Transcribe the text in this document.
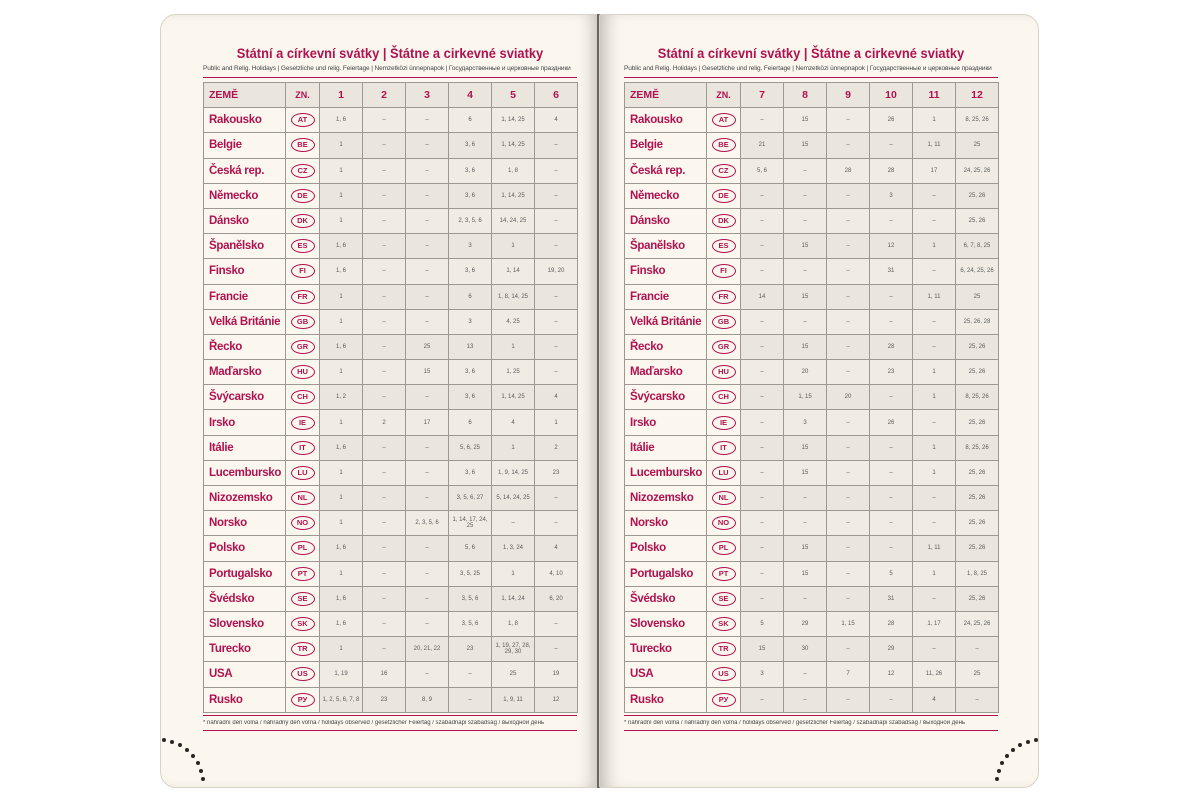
Státní a církevní svátky | Štátne a cirkevné sviatky
Public and Relig. Holidays | Gesetzliche und relig. Feiertage | Nemzetközi ünnepnapok | Государственные и церковные праздники
ZEMĚ	ZN.	1	2	3	4	5	6
Rakousko	AT	1, 6	–	–	6	1, 14, 25	4
Belgie	BE	1	–	–	3, 6	1, 14, 25	–
Česká rep.	CZ	1	–	–	3, 6	1, 8	–
Německo	DE	1	–	–	3, 6	1, 14, 25	–
Dánsko	DK	1	–	–	2, 3, 5, 6	14, 24, 25	–
Španělsko	ES	1, 6	–	–	3	1	–
Finsko	FI	1, 6	–	–	3, 6	1, 14	19, 20
Francie	FR	1	–	–	6	1, 8, 14, 25	–
Velká Británie	GB	1	–	–	3	4, 25	–
Řecko	GR	1, 6	–	25	13	1	–
Maďarsko	HU	1	–	15	3, 6	1, 25	–
Švýcarsko	CH	1, 2	–	–	3, 6	1, 14, 25	4
Irsko	IE	1	2	17	6	4	1
Itálie	IT	1, 6	–	–	5, 6, 25	1	2
Lucembursko	LU	1	–	–	3, 6	1, 9, 14, 25	23
Nizozemsko	NL	1	–	–	3, 5, 6, 27	5, 14, 24, 25	–
Norsko	NO	1	–	2, 3, 5, 6	1, 14, 17, 24, 25	–	–
Polsko	PL	1, 6	–	–	5, 6	1, 3, 24	4
Portugalsko	PT	1	–	–	3, 5, 25	1	4, 10
Švédsko	SE	1, 6	–	–	3, 5, 6	1, 14, 24	6, 20
Slovensko	SK	1, 6	–	–	3, 5, 6	1, 8	–
Turecko	TR	1	–	20, 21, 22	23	1, 19, 27, 28, 29, 30	–
USA	US	1, 19	16	–	–	25	19
Rusko	РУ	1, 2, 5, 6, 7, 8	23	8, 9	–	1, 9, 11	12
* náhradní den volna / náhradný deň voľna / holidays observed / gesetzlicher Feiertag / szabadnapi szabadság / выходной день
Státní a církevní svátky | Štátne a cirkevné sviatky
Public and Relig. Holidays | Gesetzliche und relig. Feiertage | Nemzetközi ünnepnapok | Государственные и церковные праздники
ZEMĚ	ZN.	7	8	9	10	11	12
Rakousko	AT	–	15	–	26	1	8, 25, 26
Belgie	BE	21	15	–	–	1, 11	25
Česká rep.	CZ	5, 6	–	28	28	17	24, 25, 26
Německo	DE	–	–	–	3	–	25, 26
Dánsko	DK	–	–	–	–	–	25, 26
Španělsko	ES	–	15	–	12	1	6, 7, 8, 25
Finsko	FI	–	–	–	31	–	6, 24, 25, 26
Francie	FR	14	15	–	–	1, 11	25
Velká Británie	GB	–	–	–	–	–	25, 26, 28
Řecko	GR	–	15	–	28	–	25, 26
Maďarsko	HU	–	20	–	23	1	25, 26
Švýcarsko	CH	–	1, 15	20	–	1	8, 25, 26
Irsko	IE	–	3	–	26	–	25, 26
Itálie	IT	–	15	–	–	1	8, 25, 26
Lucembursko	LU	–	15	–	–	1	25, 26
Nizozemsko	NL	–	–	–	–	–	25, 26
Norsko	NO	–	–	–	–	–	25, 26
Polsko	PL	–	15	–	–	1, 11	25, 26
Portugalsko	PT	–	15	–	5	1	1, 8, 25
Švédsko	SE	–	–	–	31	–	25, 26
Slovensko	SK	5	29	1, 15	28	1, 17	24, 25, 26
Turecko	TR	15	30	–	29	–	–
USA	US	3	–	7	12	11, 26	25
Rusko	РУ	–	–	–	–	4	–
* náhradní den volna / náhradný deň voľna / holidays observed / gesetzlicher Feiertag / szabadnapi szabadság / выходной день
